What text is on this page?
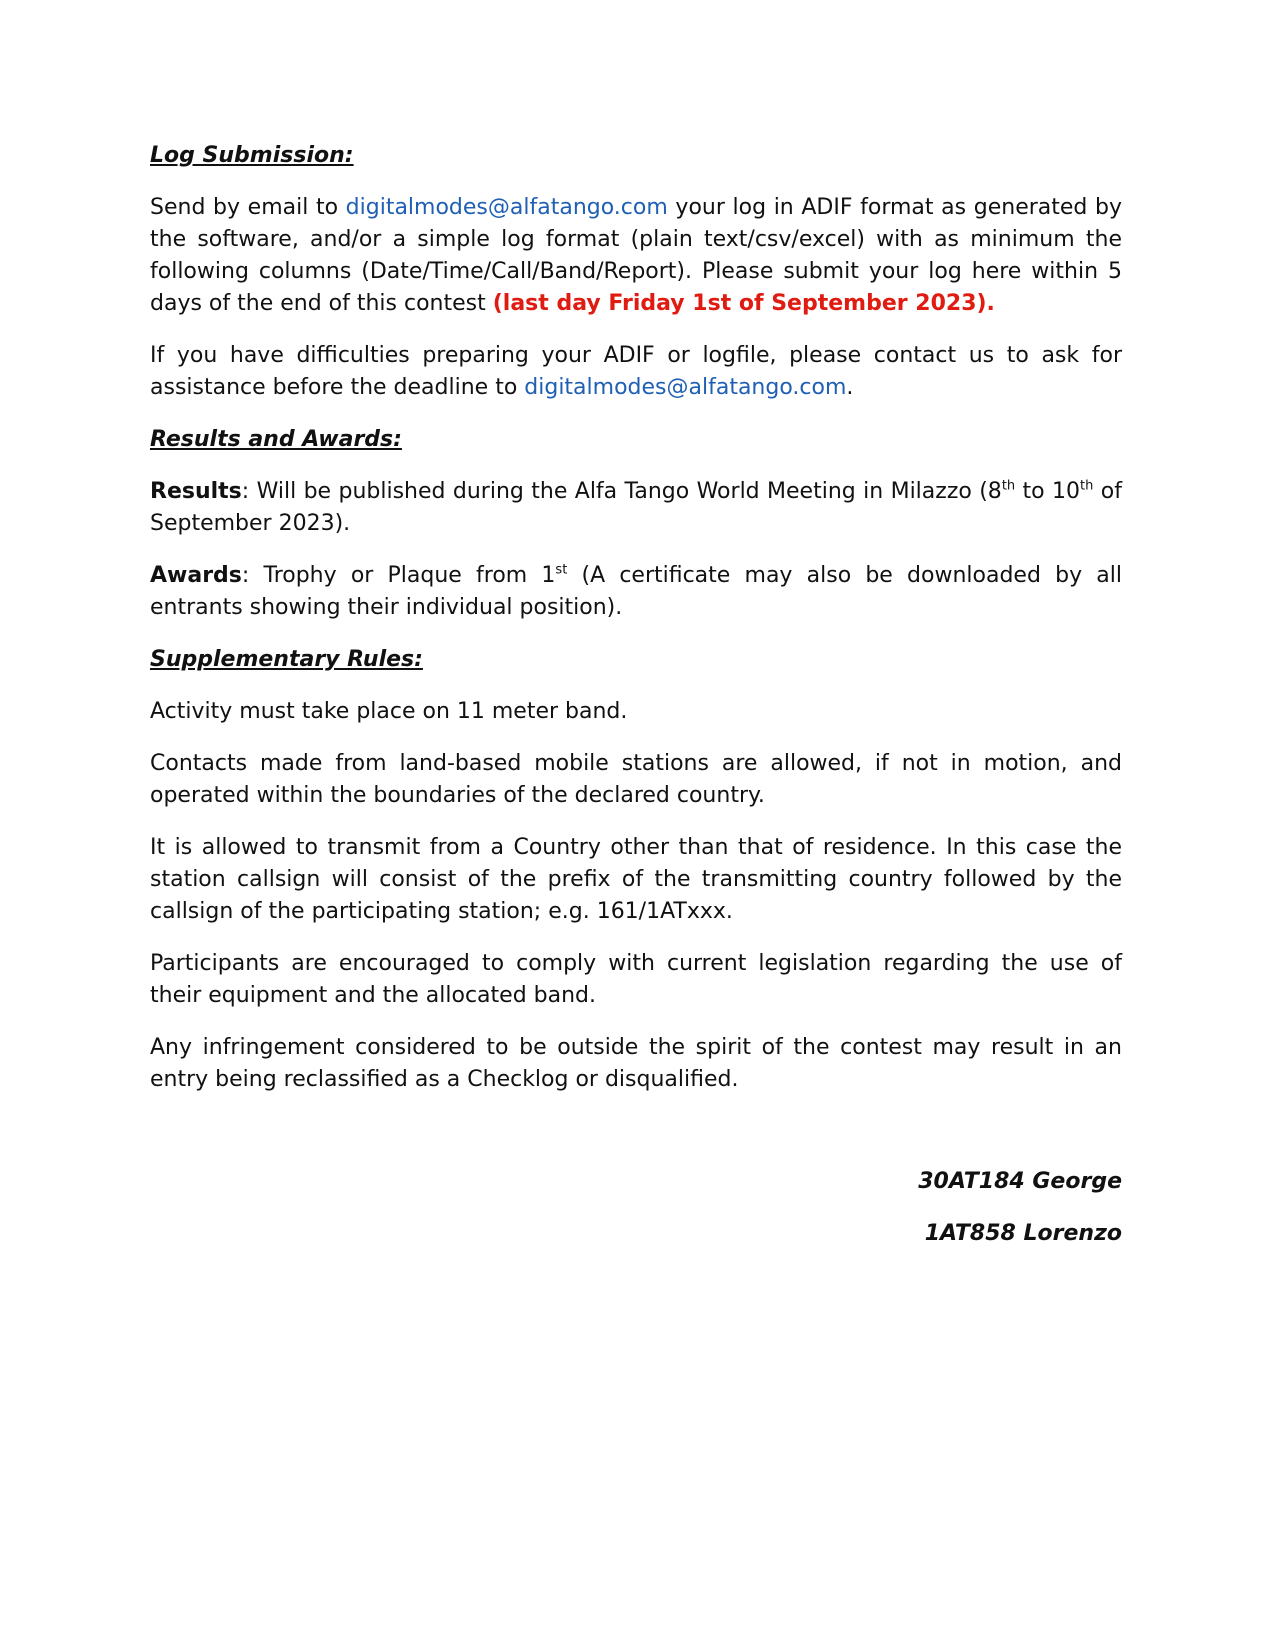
Log Submission:

Send by email to digitalmodes@alfatango.com your log in ADIF format as generated by the software, and/or a simple log format (plain text/csv/excel) with as minimum the following columns (Date/Time/Call/Band/Report). Please submit your log here within 5 days of the end of this contest (last day Friday 1st of September 2023).

If you have difficulties preparing your ADIF or logfile, please contact us to ask for assistance before the deadline to digitalmodes@alfatango.com.

Results and Awards:

Results: Will be published during the Alfa Tango World Meeting in Milazzo (8th to 10th of September 2023).

Awards: Trophy or Plaque from 1st (A certificate may also be downloaded by all entrants showing their individual position).

Supplementary Rules:

Activity must take place on 11 meter band.

Contacts made from land-based mobile stations are allowed, if not in motion, and operated within the boundaries of the declared country.

It is allowed to transmit from a Country other than that of residence. In this case the station callsign will consist of the prefix of the transmitting country followed by the callsign of the participating station; e.g. 161/1ATxxx.

Participants are encouraged to comply with current legislation regarding the use of their equipment and the allocated band.

Any infringement considered to be outside the spirit of the contest may result in an entry being reclassified as a Checklog or disqualified.

30AT184 George
1AT858 Lorenzo
